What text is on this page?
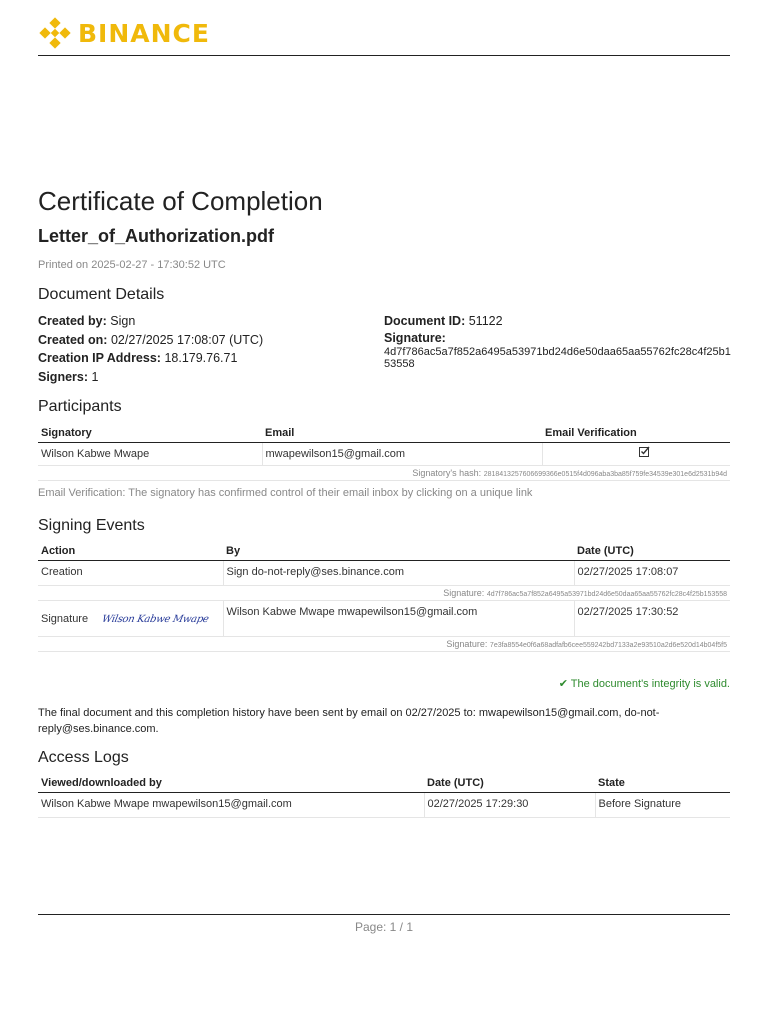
BINANCE
Certificate of Completion
Letter_of_Authorization.pdf
Printed on 2025-02-27 - 17:30:52 UTC
Document Details
Created by: Sign
Created on: 02/27/2025 17:08:07 (UTC)
Creation IP Address: 18.179.76.71
Signers: 1
Document ID: 51122
Signature:
4d7f786ac5a7f852a6495a53971bd24d6e50daa65aa55762fc28c4f25b153558
Participants
Signatory	Email	Email Verification
Wilson Kabwe Mwape	mwapewilson15@gmail.com	
Signatory's hash: 2818413257606699366e0515f4d096aba3ba85f759fe34539e301e6d2531b94d		
Email Verification: The signatory has confirmed control of their email inbox by clicking on a unique link
Signing Events
Action	By	Date (UTC)
Creation	Sign do-not-reply@ses.binance.com	02/27/2025 17:08:07
Signature: 4d7f786ac5a7f852a6495a53971bd24d6e50daa65aa55762fc28c4f25b153558		
Signature Wilson Kabwe Mwape	Wilson Kabwe Mwape mwapewilson15@gmail.com	02/27/2025 17:30:52
Signature: 7e3fa8554e0f6a68adfafb6cee559242bd7133a2e93510a2d6e520d14b04f5f5		
✔ The document's integrity is valid.
The final document and this completion history have been sent by email on 02/27/2025 to: mwapewilson15@gmail.com, do-not-reply@ses.binance.com.
Access Logs
Viewed/downloaded by	Date (UTC)	State
Wilson Kabwe Mwape mwapewilson15@gmail.com	02/27/2025 17:29:30	Before Signature
Page: 1 / 1
